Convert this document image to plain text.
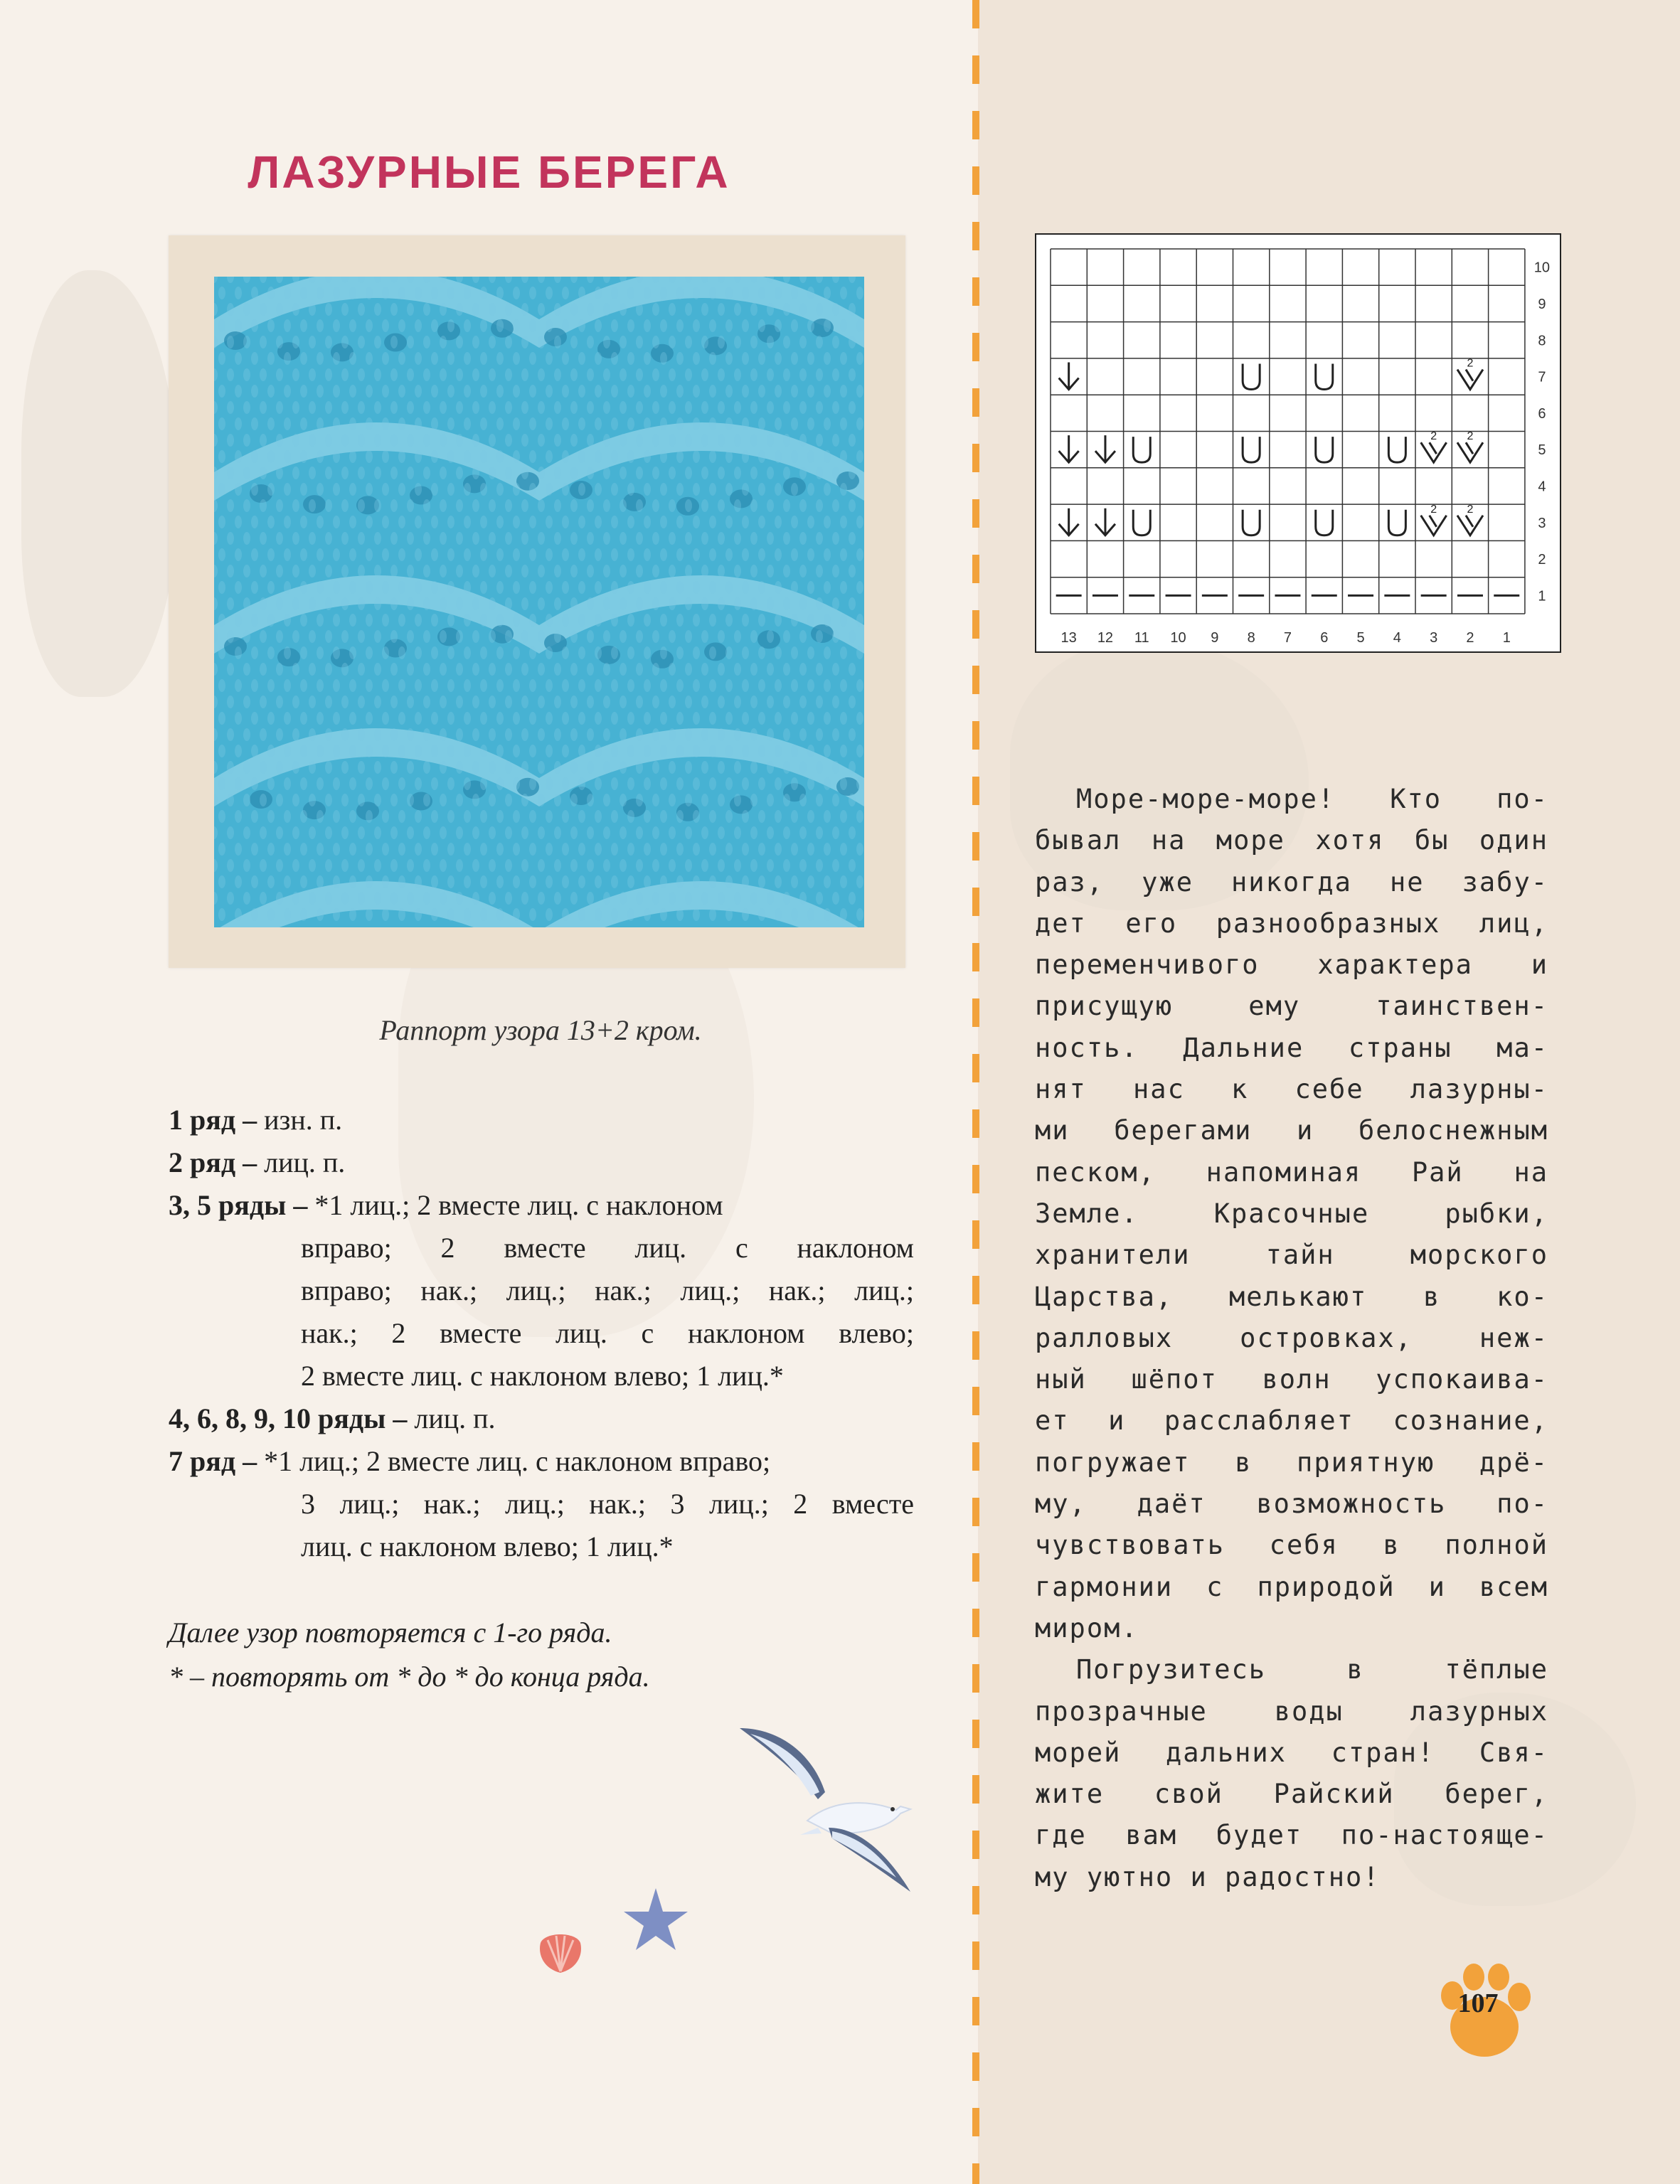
ЛАЗУРНЫЕ БЕРЕГА
Раппорт узора 13+2 кром.
1 ряд –
изн. п.
2 ряд –
лиц. п.
3, 5 ряды –
*1 лиц.; 2 вместе лиц. с наклоном
вправо; 2 вместе лиц. с наклоном
вправо; нак.; лиц.; нак.; лиц.; нак.; лиц.;
нак.; 2 вместе лиц. с наклоном влево;
2 вместе лиц. с наклоном влево; 1 лиц.*
4, 6, 8, 9, 10 ряды –
лиц. п.
7 ряд –
*1 лиц.; 2 вместе лиц. с наклоном вправо;
3 лиц.; нак.; лиц.; нак.; 3 лиц.; 2 вместе
лиц. с наклоном влево; 1 лиц.*
Далее узор повторяется с 1-го ряда.
* – повторять от * до * до конца ряда.
13 12 11 10 9 8 7 6 5 4 3 2 1
10
9
8
7
6
5
4
3
2
1
2
2	2
2	2

Море-море-море! Кто по-
бывал на море хотя бы один
раз, уже никогда не забу-
дет его разнообразных лиц,
переменчивого характера и
присущую ему таинствен-
ность. Дальние страны ма-
нят нас к себе лазурны-
ми берегами и белоснежным
песком, напоминая Рай на
Земле. Красочные рыбки,
хранители тайн морского
Царства, мелькают в ко-
ралловых островках, неж-
ный шёпот волн успокаива-
ет и расслабляет сознание,
погружает в приятную дрё-
му, даёт возможность по-
чувствовать себя в полной
гармонии с природой и всем
миром.

Погрузитесь в тёплые
прозрачные воды лазурных
морей дальних стран! Свя-
жите свой Райский берег,
где вам будет по-настояще-
му уютно и радостно!

107
